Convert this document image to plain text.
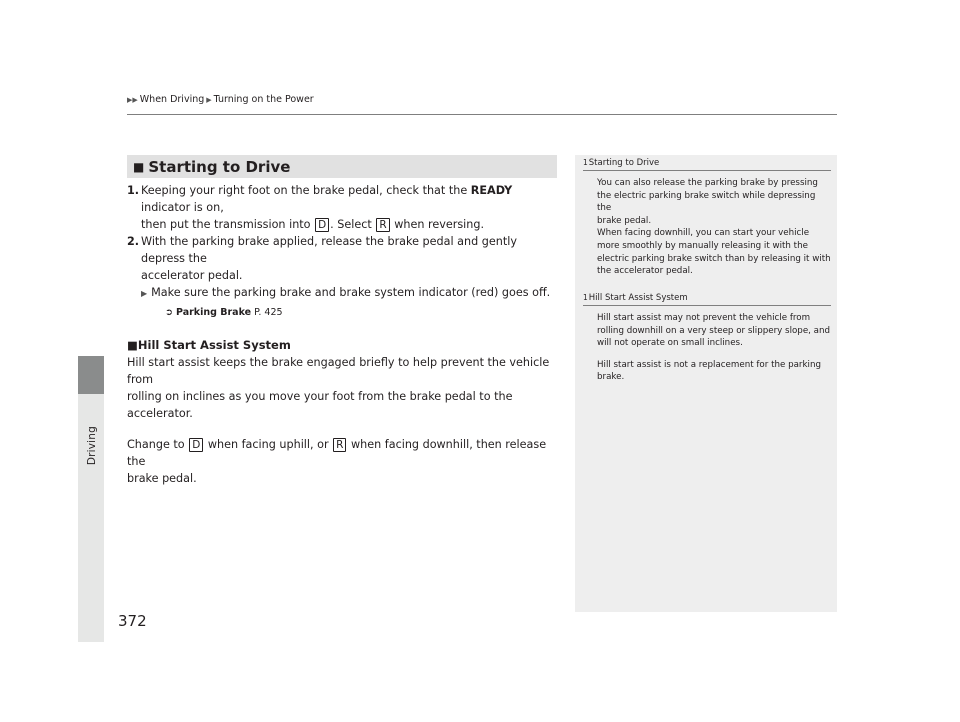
▶▶ When Driving ▶ Turning on the Power
Driving
372
■ Starting to Drive
1. Keeping your right foot on the brake pedal, check that the READY indicator is on,
then put the transmission into D . Select R when reversing.
2. With the parking brake applied, release the brake pedal and gently depress the
accelerator pedal.
▶ Make sure the parking brake and brake system indicator (red) goes off.
➲ Parking Brake P. 425
■Hill Start Assist System
Hill start assist keeps the brake engaged briefly to help prevent the vehicle from
rolling on inclines as you move your foot from the brake pedal to the accelerator.
Change to D when facing uphill, or R when facing downhill, then release the
brake pedal.
1Starting to Drive

You can also release the parking brake by pressing
the electric parking brake switch while depressing the
brake pedal.
When facing downhill, you can start your vehicle
more smoothly by manually releasing it with the
electric parking brake switch than by releasing it with
the accelerator pedal.

1Hill Start Assist System

Hill start assist may not prevent the vehicle from
rolling downhill on a very steep or slippery slope, and
will not operate on small inclines.

Hill start assist is not a replacement for the parking
brake.
